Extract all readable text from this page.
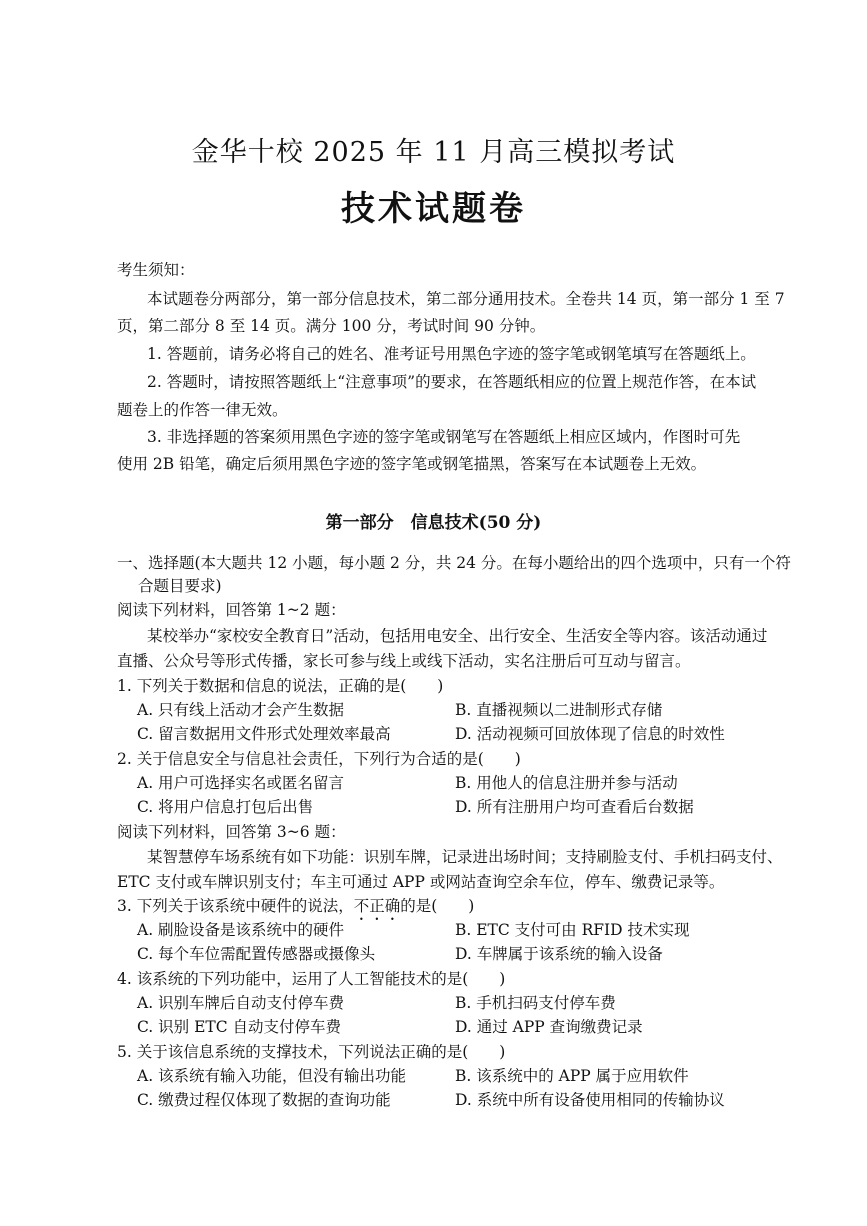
金华十校 2025 年 11 月高三模拟考试
技术试题卷
考生须知：
本试题卷分两部分，第一部分信息技术，第二部分通用技术。全卷共 14 页，第一部分 1 至 7
页，第二部分 8 至 14 页。满分 100 分，考试时间 90 分钟。
1. 答题前，请务必将自己的姓名、准考证号用黑色字迹的签字笔或钢笔填写在答题纸上。
2. 答题时，请按照答题纸上“注意事项”的要求，在答题纸相应的位置上规范作答，在本试
题卷上的作答一律无效。
3. 非选择题的答案须用黑色字迹的签字笔或钢笔写在答题纸上相应区域内，作图时可先
使用 2B 铅笔，确定后须用黑色字迹的签字笔或钢笔描黑，答案写在本试题卷上无效。
第一部分　信息技术(50 分)
一、选择题(本大题共 12 小题，每小题 2 分，共 24 分。在每小题给出的四个选项中，只有一个符
合题目要求)
阅读下列材料，回答第 1~2 题：
某校举办“家校安全教育日”活动，包括用电安全、出行安全、生活安全等内容。该活动通过
直播、公众号等形式传播，家长可参与线上或线下活动，实名注册后可互动与留言。
1. 下列关于数据和信息的说法，正确的是(　　)
A. 只有线上活动才会产生数据	B. 直播视频以二进制形式存储
C. 留言数据用文件形式处理效率最高	D. 活动视频可回放体现了信息的时效性
2. 关于信息安全与信息社会责任，下列行为合适的是(　　)
A. 用户可选择实名或匿名留言	B. 用他人的信息注册并参与活动
C. 将用户信息打包后出售	D. 所有注册用户均可查看后台数据
阅读下列材料，回答第 3~6 题：
某智慧停车场系统有如下功能：识别车牌，记录进出场时间；支持刷脸支付、手机扫码支付、
ETC 支付或车牌识别支付；车主可通过 APP 或网站查询空余车位，停车、缴费记录等。
3. 下列关于该系统中硬件的说法，不正确的是(　　)
A. 刷脸设备是该系统中的硬件	B. ETC 支付可由 RFID 技术实现
C. 每个车位需配置传感器或摄像头	D. 车牌属于该系统的输入设备
4. 该系统的下列功能中，运用了人工智能技术的是(　　)
A. 识别车牌后自动支付停车费	B. 手机扫码支付停车费
C. 识别 ETC 自动支付停车费	D. 通过 APP 查询缴费记录
5. 关于该信息系统的支撑技术，下列说法正确的是(　　)
A. 该系统有输入功能，但没有输出功能	B. 该系统中的 APP 属于应用软件
C. 缴费过程仅体现了数据的查询功能	D. 系统中所有设备使用相同的传输协议
